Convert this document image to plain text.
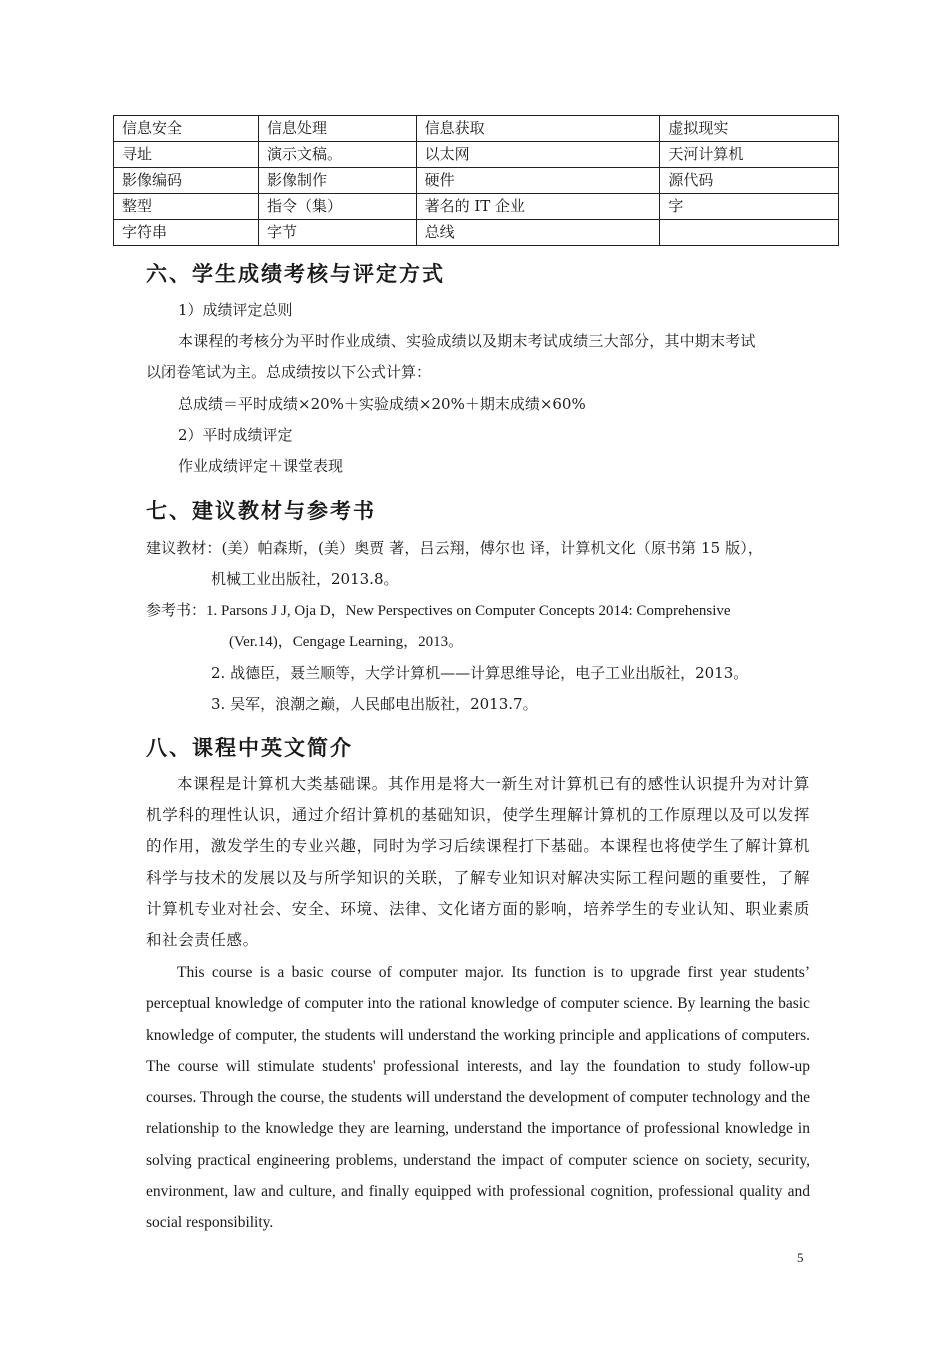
信息安全	信息处理	信息获取	虚拟现实
寻址	演示文稿。	以太网	天河计算机
影像编码	影像制作	硬件	源代码
整型	指令（集）	著名的 IT 企业	字
字符串	字节	总线	
六、学生成绩考核与评定方式

1）成绩评定总则

本课程的考核分为平时作业成绩、实验成绩以及期末考试成绩三大部分，其中期末考试

以闭卷笔试为主。总成绩按以下公式计算：

总成绩＝平时成绩×20%＋实验成绩×20%＋期末成绩×60%

2）平时成绩评定

作业成绩评定＋课堂表现

七、建议教材与参考书

建议教材：(美）帕森斯，(美）奥贾 著，吕云翔，傅尔也 译，计算机文化（原书第 15 版），

机械工业出版社，2013.8。

参考书：1. Parsons J J, Oja D，New Perspectives on Computer Concepts 2014: Comprehensive

(Ver.14)，Cengage Learning，2013。

2. 战德臣，聂兰顺等，大学计算机——计算思维导论，电子工业出版社，2013。

3. 吴军，浪潮之巅，人民邮电出版社，2013.7。

八、课程中英文简介

本课程是计算机大类基础课。其作用是将大一新生对计算机已有的感性认识提升为对计算机学科的理性认识，通过介绍计算机的基础知识，使学生理解计算机的工作原理以及可以发挥的作用，激发学生的专业兴趣，同时为学习后续课程打下基础。本课程也将使学生了解计算机科学与技术的发展以及与所学知识的关联，了解专业知识对解决实际工程问题的重要性，了解计算机专业对社会、安全、环境、法律、文化诸方面的影响，培养学生的专业认知、职业素质和社会责任感。

This course is a basic course of computer major. Its function is to upgrade first year students’ perceptual knowledge of computer into the rational knowledge of computer science. By learning the basic knowledge of computer, the students will understand the working principle and applications of computers. The course will stimulate students' professional interests, and lay the foundation to study follow-up courses. Through the course, the students will understand the development of computer technology and the relationship to the knowledge they are learning, understand the importance of professional knowledge in solving practical engineering problems, understand the impact of computer science on society, security, environment, law and culture, and finally equipped with professional cognition, professional quality and social responsibility.

5
